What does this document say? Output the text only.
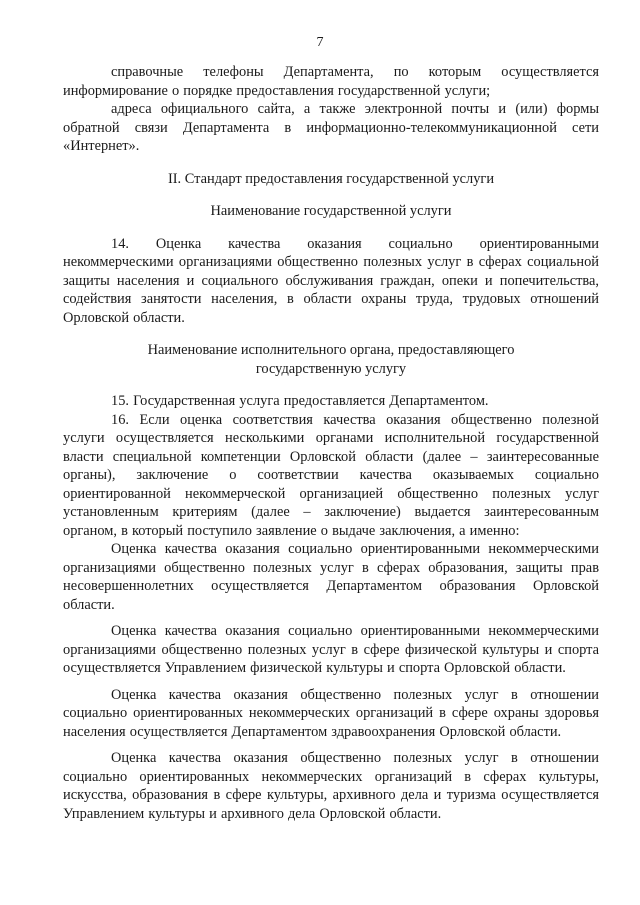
7

справочные телефоны Департамента, по которым осуществляется информирование о порядке предоставления государственной услуги;

адреса официального сайта, а также электронной почты и (или) формы обратной связи Департамента в информационно-телекоммуникационной сети «Интернет».

II. Стандарт предоставления государственной услуги

Наименование государственной услуги

14. Оценка качества оказания социально ориентированными некоммерческими организациями общественно полезных услуг в сферах социальной защиты населения и социального обслуживания граждан, опеки и попечительства, содействия занятости населения, в области охраны труда, трудовых отношений Орловской области.

Наименование исполнительного органа, предоставляющего

государственную услугу

15. Государственная услуга предоставляется Департаментом.

16. Если оценка соответствия качества оказания общественно полезной услуги осуществляется несколькими органами исполнительной государственной власти специальной компетенции Орловской области (далее – заинтересованные органы), заключение о соответствии качества оказываемых социально ориентированной некоммерческой организацией общественно полезных услуг установленным критериям (далее – заключение) выдается заинтересованным органом, в который поступило заявление о выдаче заключения, а именно:

Оценка качества оказания социально ориентированными некоммерческими организациями общественно полезных услуг в сферах образования, защиты прав несовершеннолетних осуществляется Департаментом образования Орловской области.

Оценка качества оказания социально ориентированными некоммерческими организациями общественно полезных услуг в сфере физической культуры и спорта осуществляется Управлением физической культуры и спорта Орловской области.

Оценка качества оказания общественно полезных услуг в отношении социально ориентированных некоммерческих организаций в сфере охраны здоровья населения осуществляется Департаментом здравоохранения Орловской области.

Оценка качества оказания общественно полезных услуг в отношении социально ориентированных некоммерческих организаций в сферах культуры, искусства, образования в сфере культуры, архивного дела и туризма осуществляется Управлением культуры и архивного дела Орловской области.
